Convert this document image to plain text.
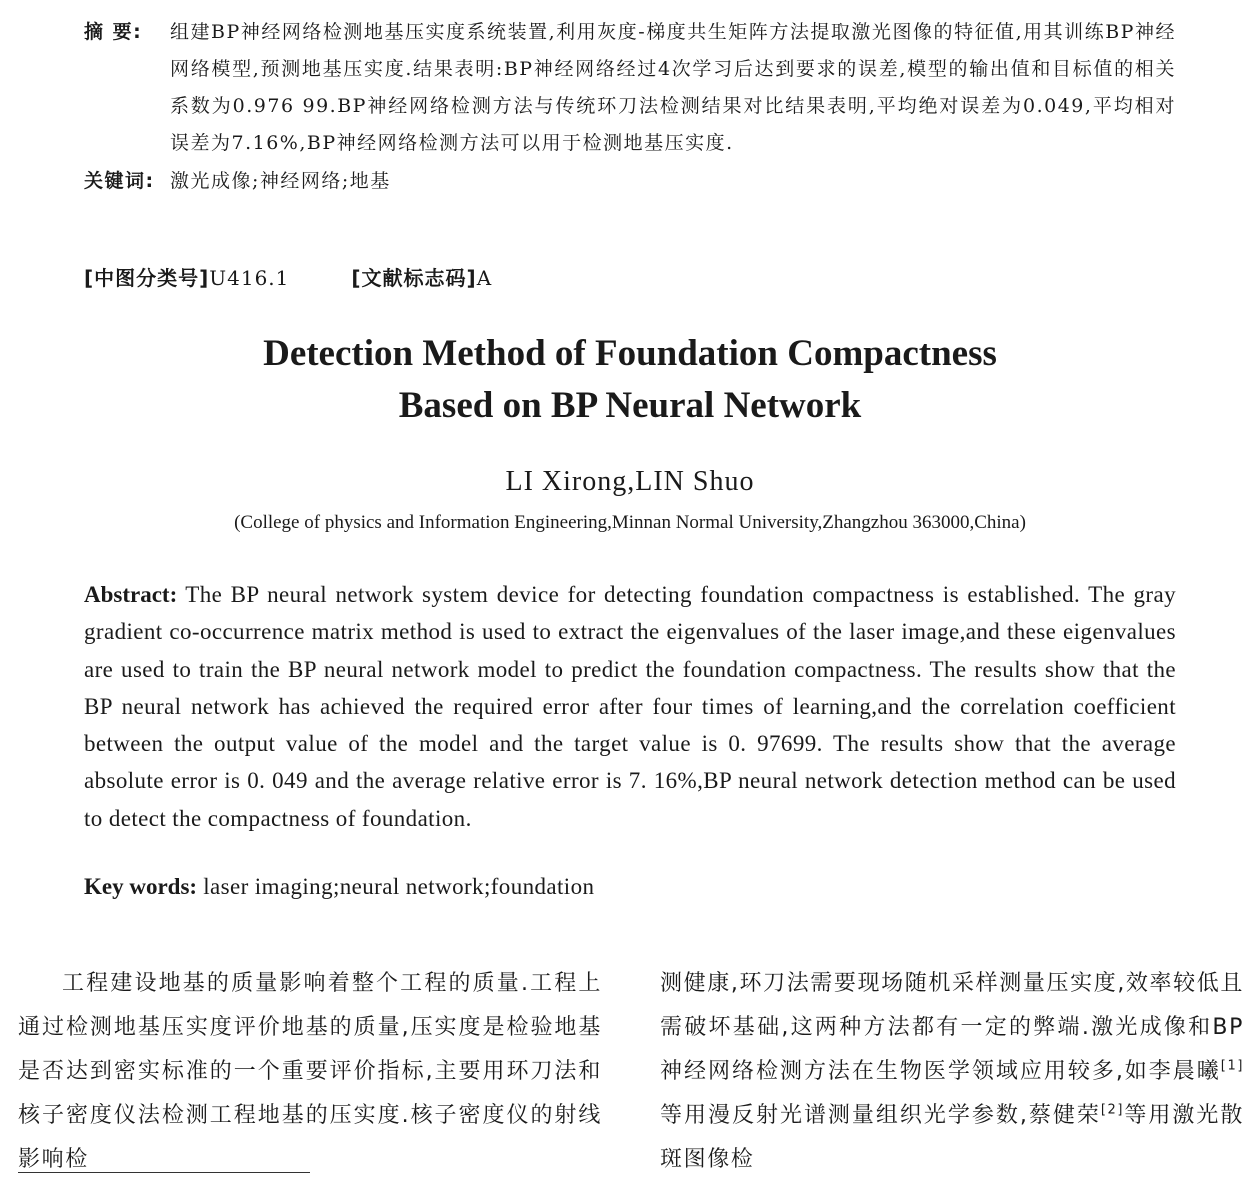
摘 要:	组建BP神经网络检测地基压实度系统装置,利用灰度-梯度共生矩阵方法提取激光图像的特征值,用其训练BP神经网络模型,预测地基压实度.结果表明:BP神经网络经过4次学习后达到要求的误差,模型的输出值和目标值的相关系数为0.976 99.BP神经网络检测方法与传统环刀法检测结果对比结果表明,平均绝对误差为0.049,平均相对误差为7.16%,BP神经网络检测方法可以用于检测地基压实度.
关键词: 激光成像;神经网络;地基
[中图分类号]U416.1	[文献标志码]A
Detection Method of Foundation Compactness
Based on BP Neural Network
LI Xirong,LIN Shuo
(College of physics and Information Engineering,Minnan Normal University,Zhangzhou 363000,China)
Abstract: The BP neural network system device for detecting foundation compactness is established. The gray gradient co-occurrence matrix method is used to extract the eigenvalues of the laser image,and these eigenvalues are used to train the BP neural network model to predict the foundation compactness. The results show that the BP neural network has achieved the required error after four times of learning,and the correlation coefficient between the output value of the model and the target value is 0. 97699. The results show that the average absolute error is 0. 049 and the average relative error is 7. 16%,BP neural network detection method can be used to detect the compactness of foundation.
Key words: laser imaging;neural network;foundation
工程建设地基的质量影响着整个工程的质量.工程上通过检测地基压实度评价地基的质量,压实度是检验地基是否达到密实标准的一个重要评价指标,主要用环刀法和核子密度仪法检测工程地基的压实度.核子密度仪的射线影响检
测健康,环刀法需要现场随机采样测量压实度,效率较低且需破坏基础,这两种方法都有一定的弊端.激光成像和BP神经网络检测方法在生物医学领域应用较多,如李晨曦[1]等用漫反射光谱测量组织光学参数,蔡健荣[2]等用激光散斑图像检
